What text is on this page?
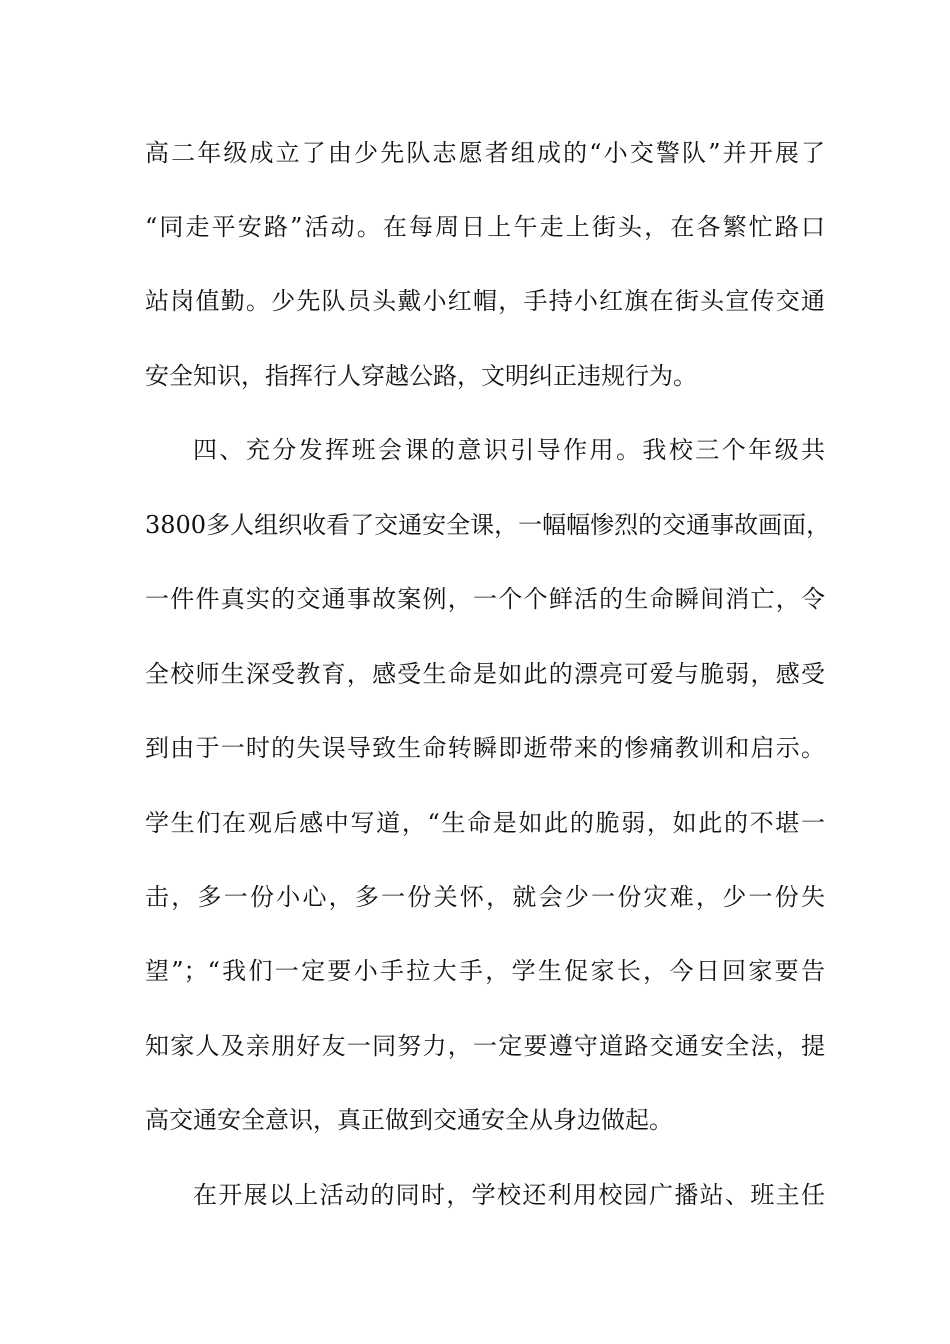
高二年级成立了由少先队志愿者组成的“小交警队”并开展了
“同走平安路”活动。在每周日上午走上街头，在各繁忙路口
站岗值勤。少先队员头戴小红帽，手持小红旗在街头宣传交通
安全知识，指挥行人穿越公路，文明纠正违规行为。
四、充分发挥班会课的意识引导作用。我校三个年级共
3800多人组织收看了交通安全课，一幅幅惨烈的交通事故画面，
一件件真实的交通事故案例，一个个鲜活的生命瞬间消亡，令
全校师生深受教育，感受生命是如此的漂亮可爱与脆弱，感受
到由于一时的失误导致生命转瞬即逝带来的惨痛教训和启示。
学生们在观后感中写道，“生命是如此的脆弱，如此的不堪一
击，多一份小心，多一份关怀，就会少一份灾难，少一份失
望”；“我们一定要小手拉大手，学生促家长，今日回家要告
知家人及亲朋好友一同努力，一定要遵守道路交通安全法，提
高交通安全意识，真正做到交通安全从身边做起。
在开展以上活动的同时，学校还利用校园广播站、班主任
